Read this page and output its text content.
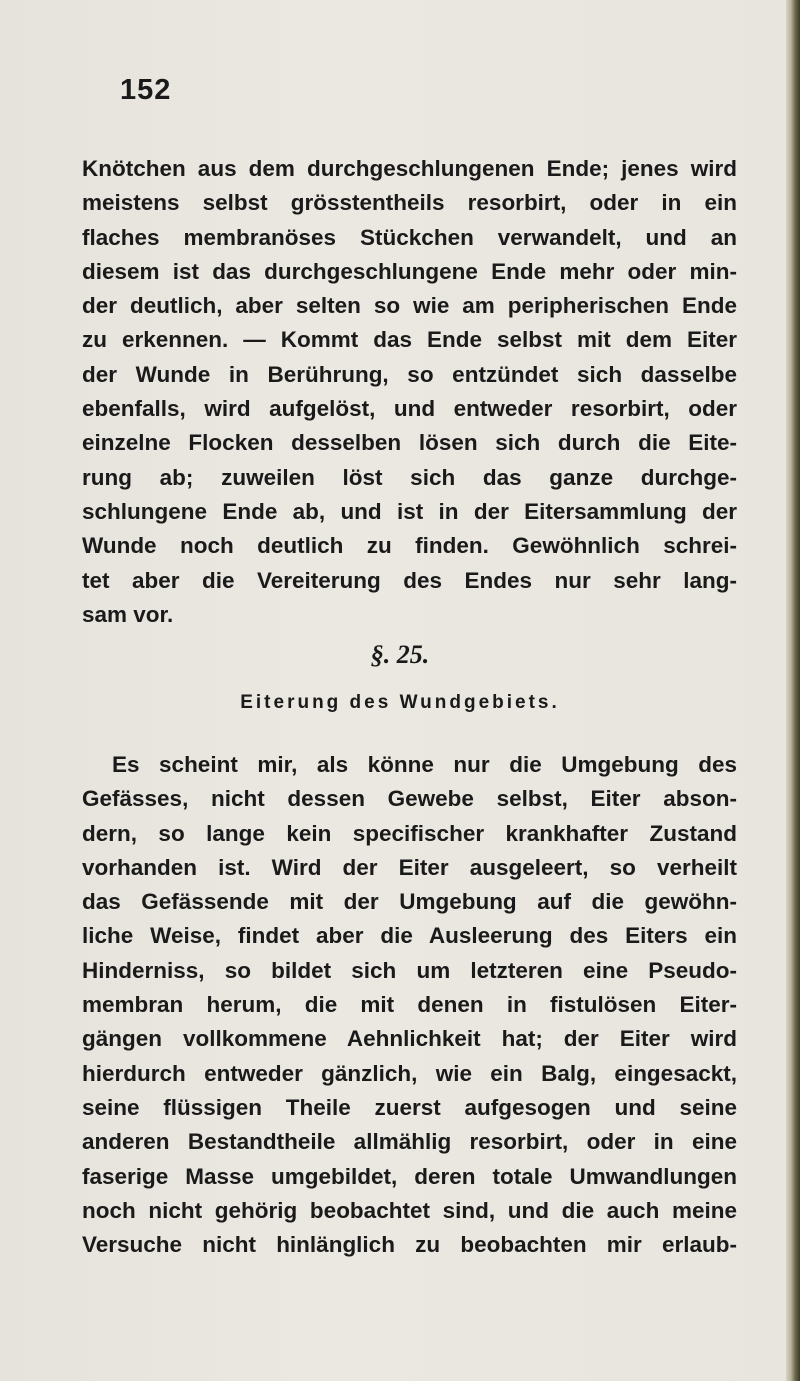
152
Knötchen aus dem durchgeschlungenen Ende; jenes wird
meistens selbst grösstentheils resorbirt, oder in ein
flaches membranöses Stückchen verwandelt, und an
diesem ist das durchgeschlungene Ende mehr oder min-
der deutlich, aber selten so wie am peripherischen Ende
zu erkennen. — Kommt das Ende selbst mit dem Eiter
der Wunde in Berührung, so entzündet sich dasselbe
ebenfalls, wird aufgelöst, und entweder resorbirt, oder
einzelne Flocken desselben lösen sich durch die Eite-
rung ab; zuweilen löst sich das ganze durchge-
schlungene Ende ab, und ist in der Eitersammlung der
Wunde noch deutlich zu finden. Gewöhnlich schrei-
tet aber die Vereiterung des Endes nur sehr lang-
sam vor.
§. 25.
Eiterung des Wundgebiets.
Es scheint mir, als könne nur die Umgebung des
Gefässes, nicht dessen Gewebe selbst, Eiter abson-
dern, so lange kein specifischer krankhafter Zustand
vorhanden ist. Wird der Eiter ausgeleert, so verheilt
das Gefässende mit der Umgebung auf die gewöhn-
liche Weise, findet aber die Ausleerung des Eiters ein
Hinderniss, so bildet sich um letzteren eine Pseudo-
membran herum, die mit denen in fistulösen Eiter-
gängen vollkommene Aehnlichkeit hat; der Eiter wird
hierdurch entweder gänzlich, wie ein Balg, eingesackt,
seine flüssigen Theile zuerst aufgesogen und seine
anderen Bestandtheile allmählig resorbirt, oder in eine
faserige Masse umgebildet, deren totale Umwandlungen
noch nicht gehörig beobachtet sind, und die auch meine
Versuche nicht hinlänglich zu beobachten mir erlaub-
